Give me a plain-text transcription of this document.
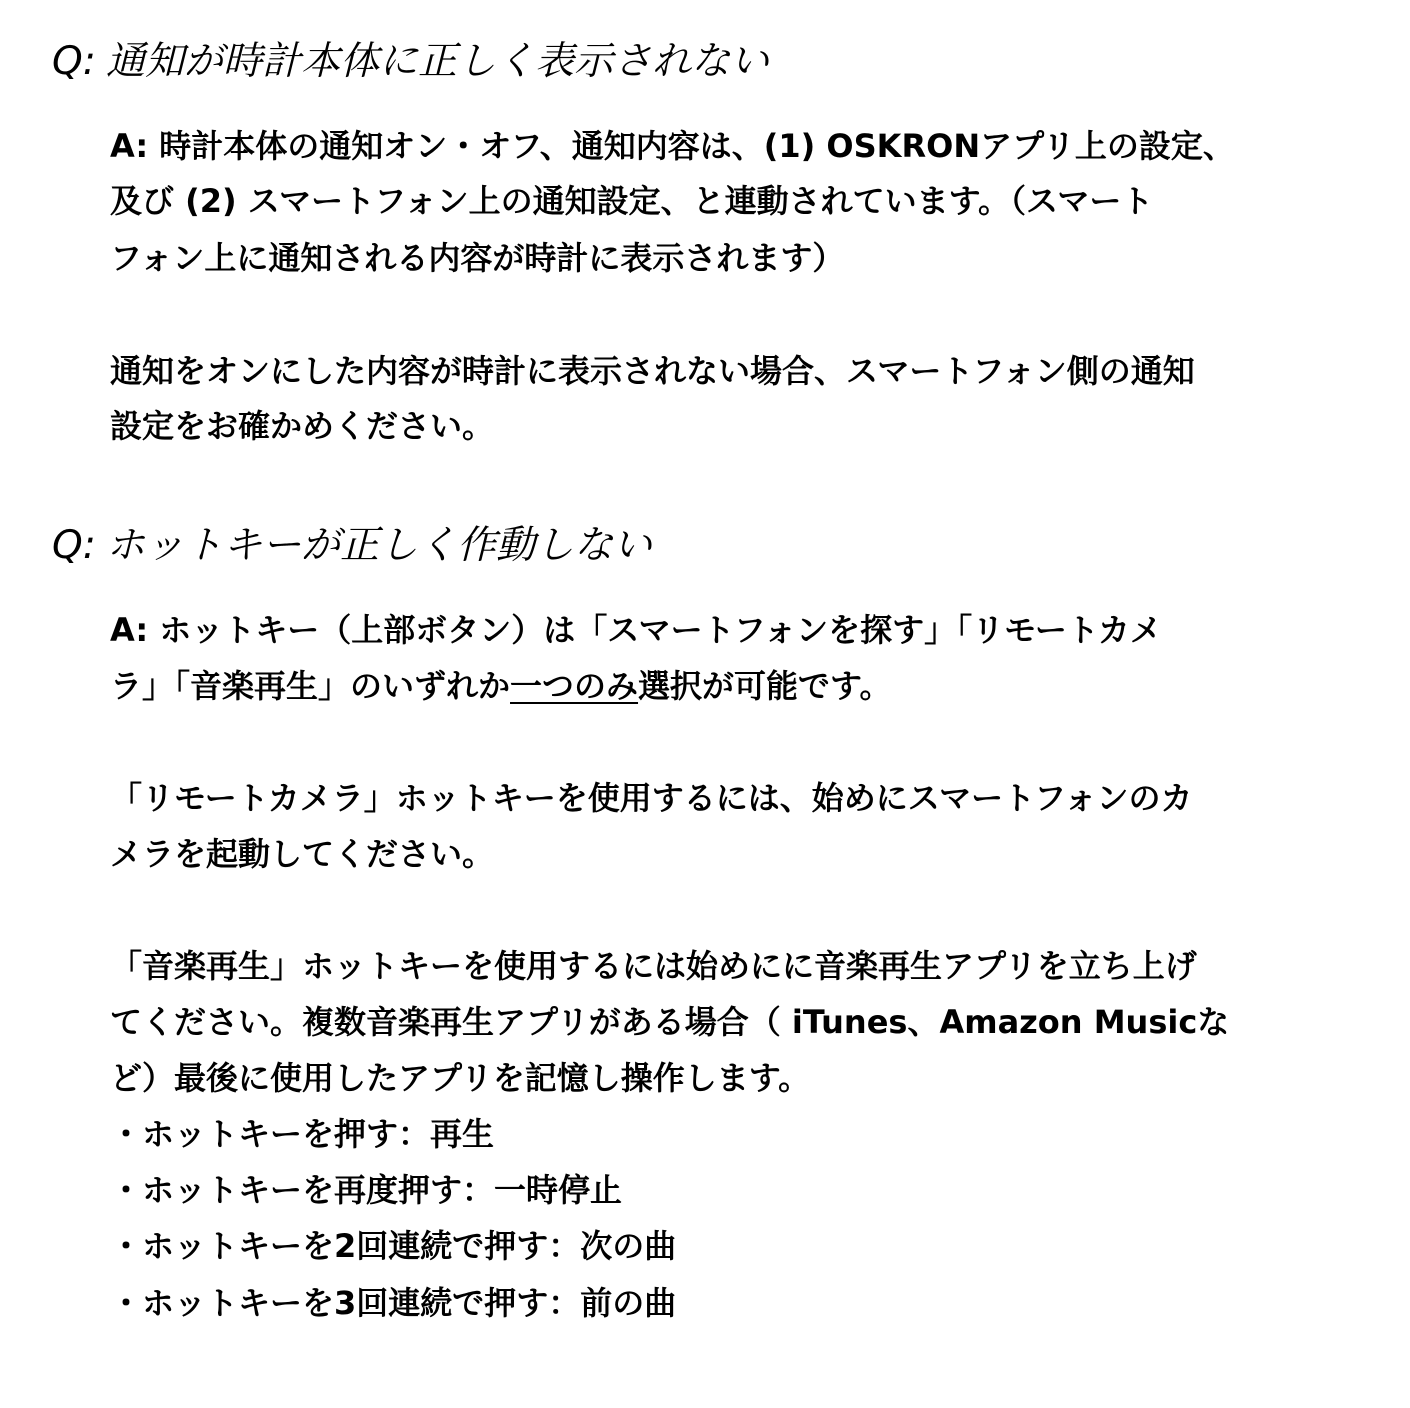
Q: 通知が時計本体に正しく表示されない
A: 時計本体の通知オン・オフ、通知内容は、(1) OSKRONアプリ上の設定、
及び (2) スマートフォン上の通知設定、と連動されています。（スマート
フォン上に通知される内容が時計に表示されます）
通知をオンにした内容が時計に表示されない場合、スマートフォン側の通知
設定をお確かめください。
Q: ホットキーが正しく作動しない
A: ホットキー（上部ボタン）は「スマートフォンを探す」「リモートカメ
ラ」「音楽再生」のいずれか一つのみ選択が可能です。
「リモートカメラ」ホットキーを使用するには、始めにスマートフォンのカ
メラを起動してください。
「音楽再生」ホットキーを使用するには始めにに音楽再生アプリを立ち上げ
てください。複数音楽再生アプリがある場合（ iTunes、Amazon Musicな
ど）最後に使用したアプリを記憶し操作します。
・ホットキーを押す：再生
・ホットキーを再度押す：一時停止
・ホットキーを2回連続で押す：次の曲
・ホットキーを3回連続で押す：前の曲
